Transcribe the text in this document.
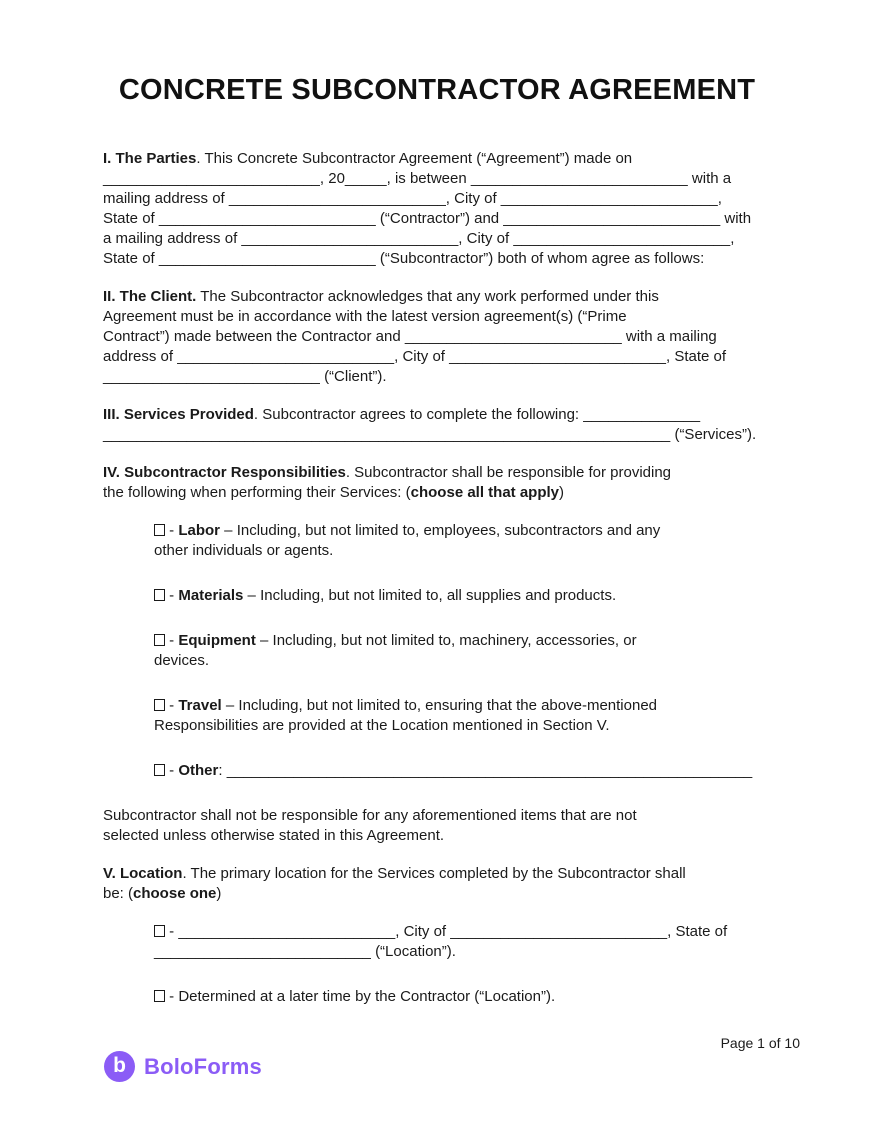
CONCRETE SUBCONTRACTOR AGREEMENT
I. The Parties. This Concrete Subcontractor Agreement (“Agreement”) made on
__________________________, 20_____, is between __________________________ with a
mailing address of __________________________, City of __________________________,
State of __________________________ (“Contractor”) and __________________________ with
a mailing address of __________________________, City of __________________________,
State of __________________________ (“Subcontractor”) both of whom agree as follows:
II. The Client. The Subcontractor acknowledges that any work performed under this
Agreement must be in accordance with the latest version agreement(s) (“Prime
Contract”) made between the Contractor and __________________________ with a mailing
address of __________________________, City of __________________________, State of
__________________________ (“Client”).
III. Services Provided. Subcontractor agrees to complete the following: ______________
____________________________________________________________________ (“Services”).
IV. Subcontractor Responsibilities. Subcontractor shall be responsible for providing
the following when performing their Services: (choose all that apply)
- Labor – Including, but not limited to, employees, subcontractors and any
other individuals or agents.
- Materials – Including, but not limited to, all supplies and products.
- Equipment – Including, but not limited to, machinery, accessories, or
devices.
- Travel – Including, but not limited to, ensuring that the above-mentioned
Responsibilities are provided at the Location mentioned in Section V.
- Other: _______________________________________________________________
Subcontractor shall not be responsible for any aforementioned items that are not
selected unless otherwise stated in this Agreement.
V. Location. The primary location for the Services completed by the Subcontractor shall
be: (choose one)
- __________________________, City of __________________________, State of
__________________________ (“Location”).
- Determined at a later time by the Contractor (“Location”).
Page 1 of 10
b BoloForms
